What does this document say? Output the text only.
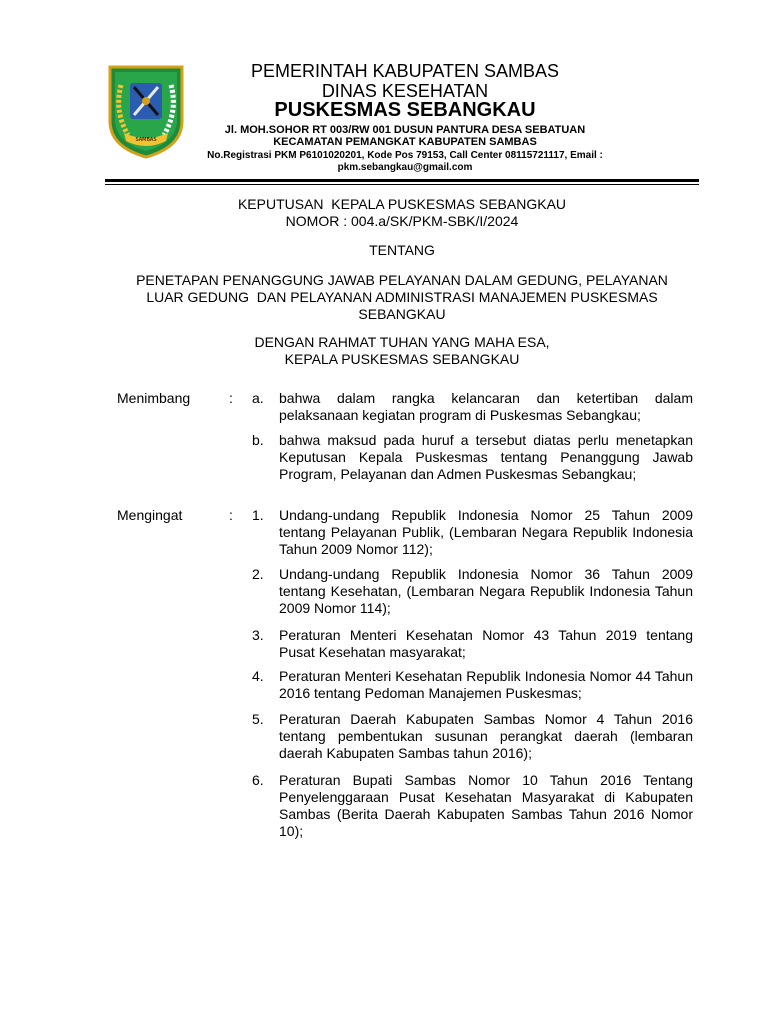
SAMBAS
PEMERINTAH KABUPATEN SAMBAS
DINAS KESEHATAN
PUSKESMAS SEBANGKAU
Jl. MOH.SOHOR RT 003/RW 001 DUSUN PANTURA DESA SEBATUAN
KECAMATAN PEMANGKAT KABUPATEN SAMBAS
No.Registrasi PKM P6101020201, Kode Pos 79153, Call Center 08115721117, Email :
pkm.sebangkau@gmail.com
KEPUTUSAN  KEPALA PUSKESMAS SEBANGKAU
NOMOR : 004.a/SK/PKM-SBK/I/2024
TENTANG
PENETAPAN PENANGGUNG JAWAB PELAYANAN DALAM GEDUNG, PELAYANAN
LUAR GEDUNG  DAN PELAYANAN ADMINISTRASI MANAJEMEN PUSKESMAS
SEBANGKAU
DENGAN RAHMAT TUHAN YANG MAHA ESA,
KEPALA PUSKESMAS SEBANGKAU
Menimbang	: a.	bahwa dalam rangka kelancaran dan ketertiban dalam pelaksanaan kegiatan program di Puskesmas Sebangkau;
b.	bahwa maksud pada huruf a tersebut diatas perlu menetapkan Keputusan Kepala Puskesmas tentang Penanggung Jawab Program, Pelayanan dan Admen Puskesmas Sebangkau;
Mengingat	: 1.	Undang-undang Republik Indonesia Nomor 25 Tahun 2009 tentang Pelayanan Publik, (Lembaran Negara Republik Indonesia Tahun 2009 Nomor 112);
2.	Undang-undang Republik Indonesia Nomor 36 Tahun 2009 tentang Kesehatan, (Lembaran Negara Republik Indonesia Tahun 2009 Nomor 114);
3.	Peraturan Menteri Kesehatan Nomor 43 Tahun 2019 tentang Pusat Kesehatan masyarakat;
4.	Peraturan Menteri Kesehatan Republik Indonesia Nomor 44 Tahun 2016 tentang Pedoman Manajemen Puskesmas;
5.	Peraturan Daerah Kabupaten Sambas Nomor 4 Tahun 2016 tentang pembentukan susunan perangkat daerah (lembaran daerah Kabupaten Sambas tahun 2016);
6.	Peraturan Bupati Sambas Nomor 10 Tahun 2016 Tentang Penyelenggaraan Pusat Kesehatan Masyarakat di Kabupaten Sambas (Berita Daerah Kabupaten Sambas Tahun 2016 Nomor 10);
